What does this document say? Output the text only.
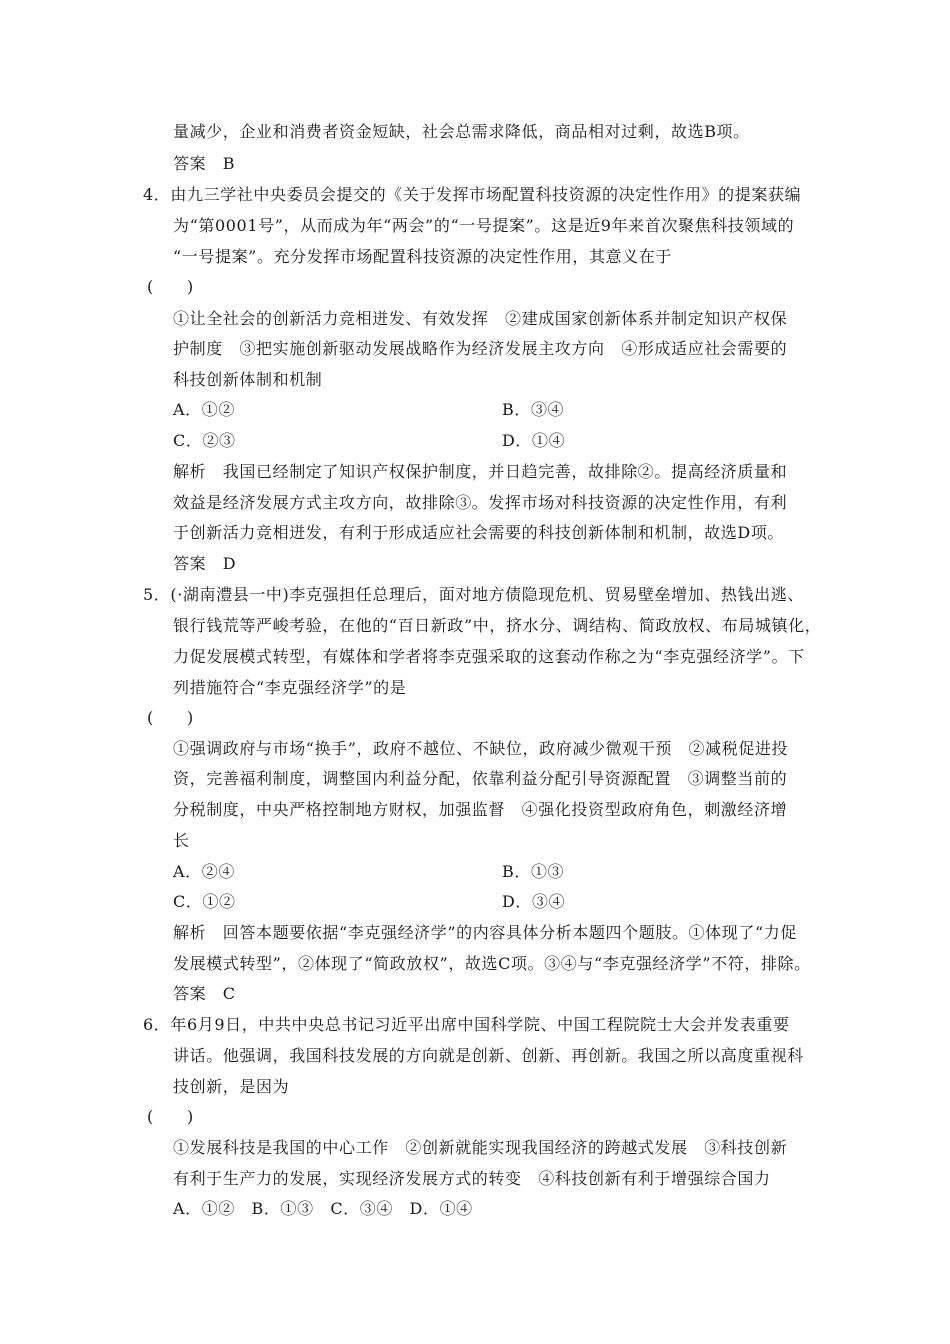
量减少，企业和消费者资金短缺，社会总需求降低，商品相对过剩，故选B项。
答案　B
4．由九三学社中央委员会提交的《关于发挥市场配置科技资源的决定性作用》的提案获编
为“第0001号”，从而成为年“两会”的“一号提案”。这是近9年来首次聚焦科技领域的
“一号提案”。充分发挥市场配置科技资源的决定性作用，其意义在于
(　　)
①让全社会的创新活力竞相迸发、有效发挥　②建成国家创新体系并制定知识产权保
护制度　③把实施创新驱动发展战略作为经济发展主攻方向　④形成适应社会需要的
科技创新体制和机制
A．①②	B．③④
C．②③	D．①④
解析　我国已经制定了知识产权保护制度，并日趋完善，故排除②。提高经济质量和
效益是经济发展方式主攻方向，故排除③。发挥市场对科技资源的决定性作用，有利
于创新活力竞相迸发，有利于形成适应社会需要的科技创新体制和机制，故选D项。
答案　D
5．(·湖南澧县一中)李克强担任总理后，面对地方债隐现危机、贸易壁垒增加、热钱出逃、
银行钱荒等严峻考验，在他的“百日新政”中，挤水分、调结构、简政放权、布局城镇化，
力促发展模式转型，有媒体和学者将李克强采取的这套动作称之为“李克强经济学”。下
列措施符合“李克强经济学”的是
(　　)
①强调政府与市场“换手”，政府不越位、不缺位，政府减少微观干预　②减税促进投
资，完善福利制度，调整国内利益分配，依靠利益分配引导资源配置　③调整当前的
分税制度，中央严格控制地方财权，加强监督　④强化投资型政府角色，刺激经济增
长
A．②④	B．①③
C．①②	D．③④
解析　回答本题要依据“李克强经济学”的内容具体分析本题四个题肢。①体现了“力促
发展模式转型”，②体现了“简政放权”，故选C项。③④与“李克强经济学”不符，排除。
答案　C
6．年6月9日，中共中央总书记习近平出席中国科学院、中国工程院院士大会并发表重要
讲话。他强调，我国科技发展的方向就是创新、创新、再创新。我国之所以高度重视科
技创新，是因为
(　　)
①发展科技是我国的中心工作　②创新就能实现我国经济的跨越式发展　③科技创新
有利于生产力的发展，实现经济发展方式的转变　④科技创新有利于增强综合国力
A．①②　B．①③　C．③④　D．①④
